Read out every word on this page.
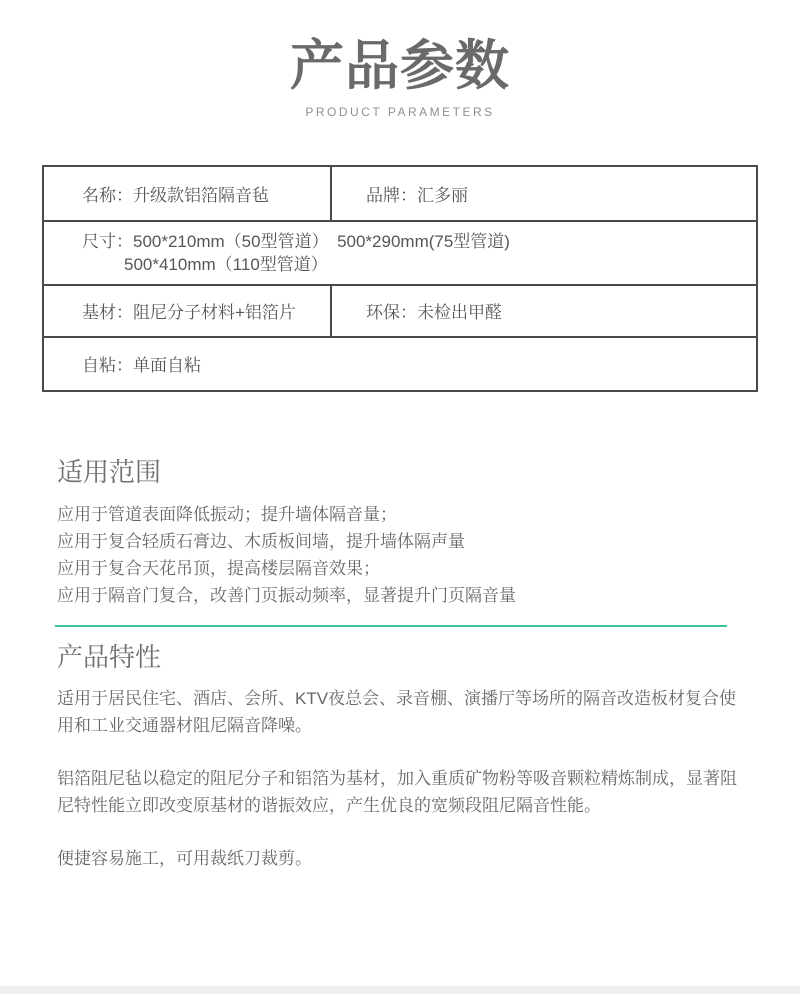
产品参数
PRODUCT PARAMETERS
名称：升级款铝箔隔音毡	品牌：汇多丽
尺寸：500*210mm（50型管道）　500*290mm(75型管道)
500*410mm（110型管道）
基材：阻尼分子材料+铝箔片	环保：未检出甲醛
自粘：单面自粘
适用范围
应用于管道表面降低振动；提升墙体隔音量；
应用于复合轻质石膏边、木质板间墙，提升墙体隔声量
应用于复合天花吊顶，提高楼层隔音效果；
应用于隔音门复合，改善门页振动频率，显著提升门页隔音量
产品特性

适用于居民住宅、酒店、会所、KTV夜总会、录音棚、演播厅等场所的隔音改造板材复合使用和工业交通器材阻尼隔音降噪。

铝箔阻尼毡以稳定的阻尼分子和铝箔为基材，加入重质矿物粉等吸音颗粒精炼制成，显著阻尼特性能立即改变原基材的谐振效应，产生优良的宽频段阻尼隔音性能。

便捷容易施工，可用裁纸刀裁剪。
